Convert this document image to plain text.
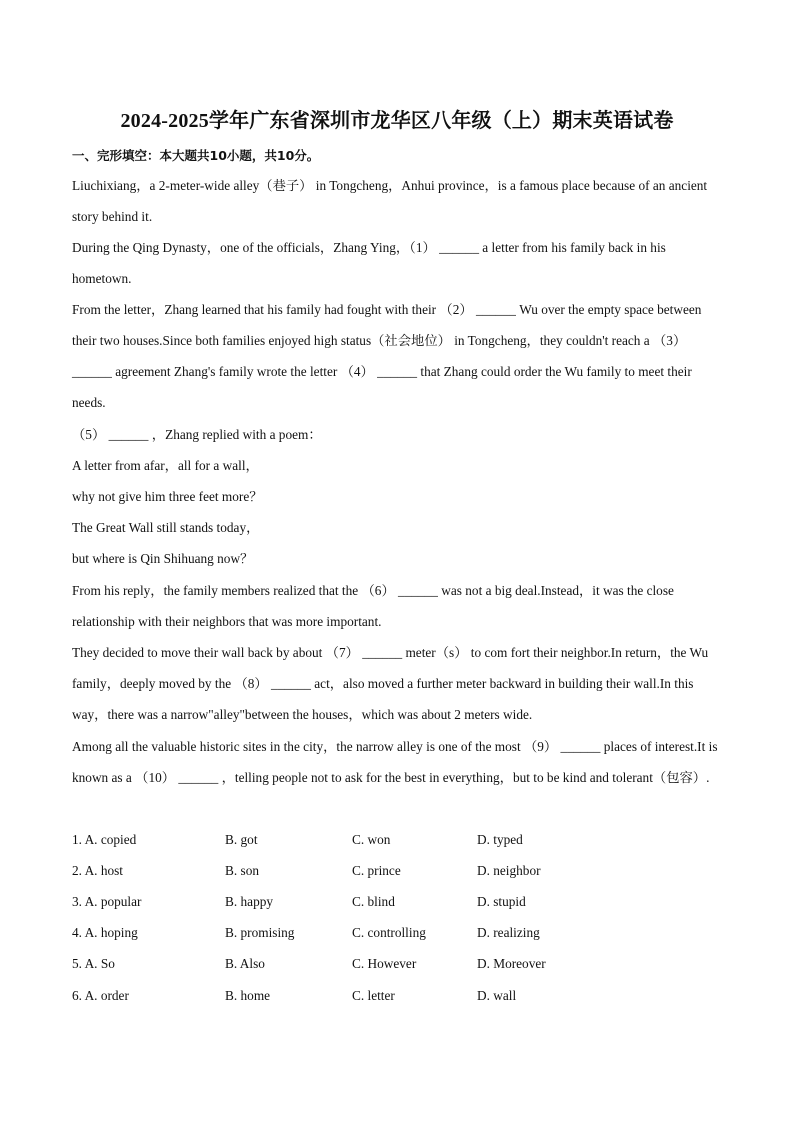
2024-2025学年广东省深圳市龙华区八年级（上）期末英语试卷
一、完形填空：本大题共10小题，共10分。
Liuchixiang，a 2-meter-wide alley（巷子） in Tongcheng，Anhui province，is a famous place because of an ancient story behind it.
During the Qing Dynasty，one of the officials，Zhang Ying，（1） ______ a letter from his family back in his hometown.
From the letter，Zhang learned that his family had fought with their （2） ______ Wu over the empty space between their two houses.Since both families enjoyed high status（社会地位） in Tongcheng，they couldn't reach a （3） ______ agreement Zhang's family wrote the letter （4） ______ that Zhang could order the Wu family to meet their needs.
（5） ______ ，Zhang replied with a poem：
A letter from afar，all for a wall，
why not give him three feet more？
The Great Wall still stands today，
but where is Qin Shihuang now？
From his reply，the family members realized that the （6） ______ was not a big deal.Instead，it was the close relationship with their neighbors that was more important.
They decided to move their wall back by about （7） ______ meter（s） to com fort their neighbor.In return，the Wu family，deeply moved by the （8） ______ act，also moved a further meter backward in building their wall.In this way，there was a narrow"alley"between the houses，which was about 2 meters wide.
Among all the valuable historic sites in the city，the narrow alley is one of the most （9） ______ places of interest.It is known as a （10） ______ ，telling people not to ask for the best in everything，but to be kind and tolerant（包容）.
1. A. copied	B. got	C. won	D. typed
2. A. host	B. son	C. prince	D. neighbor
3. A. popular	B. happy	C. blind	D. stupid
4. A. hoping	B. promising	C. controlling	D. realizing
5. A. So	B. Also	C. However	D. Moreover
6. A. order	B. home	C. letter	D. wall
